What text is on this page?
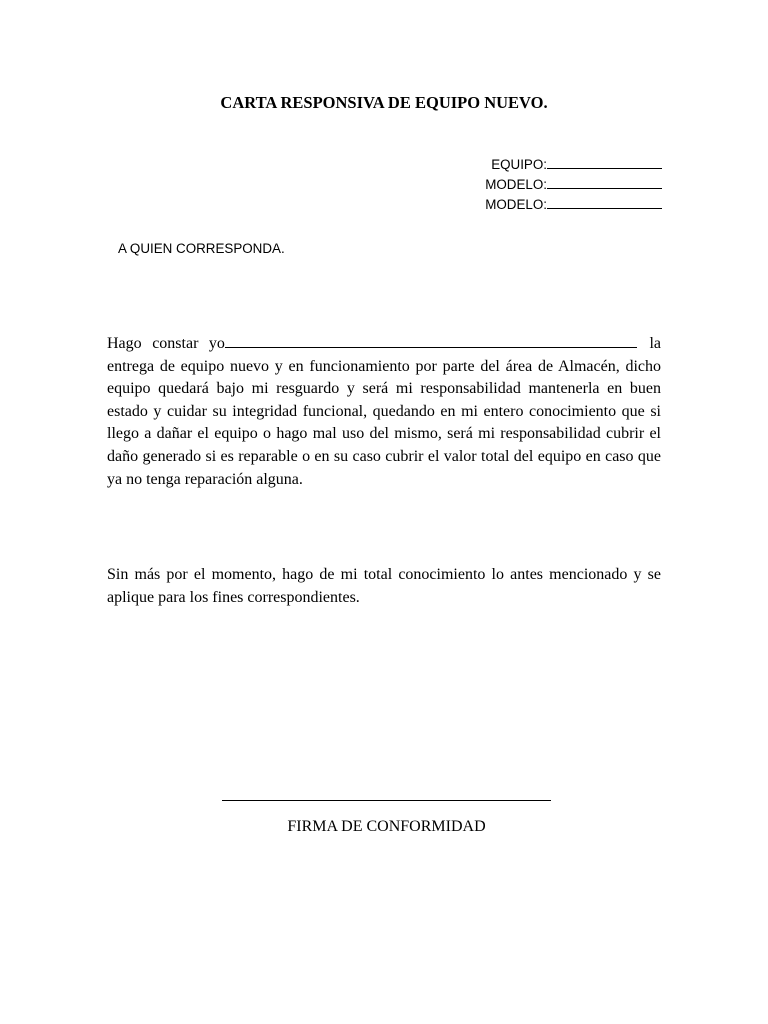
CARTA RESPONSIVA DE EQUIPO NUEVO.
EQUIPO:
MODELO:
MODELO:
A QUIEN CORRESPONDA.
Hago constar yo	la entrega de equipo nuevo y en funcionamiento por parte del área de Almacén, dicho equipo quedará bajo mi resguardo y será mi responsabilidad mantenerla en buen estado y cuidar su integridad funcional, quedando en mi entero conocimiento que si llego a dañar el equipo o hago mal uso del mismo, será mi responsabilidad cubrir el daño generado si es reparable o en su caso cubrir el valor total del equipo en caso que ya no tenga reparación alguna.
Sin más por el momento, hago de mi total conocimiento lo antes mencionado y se aplique para los fines correspondientes.
FIRMA DE CONFORMIDAD
